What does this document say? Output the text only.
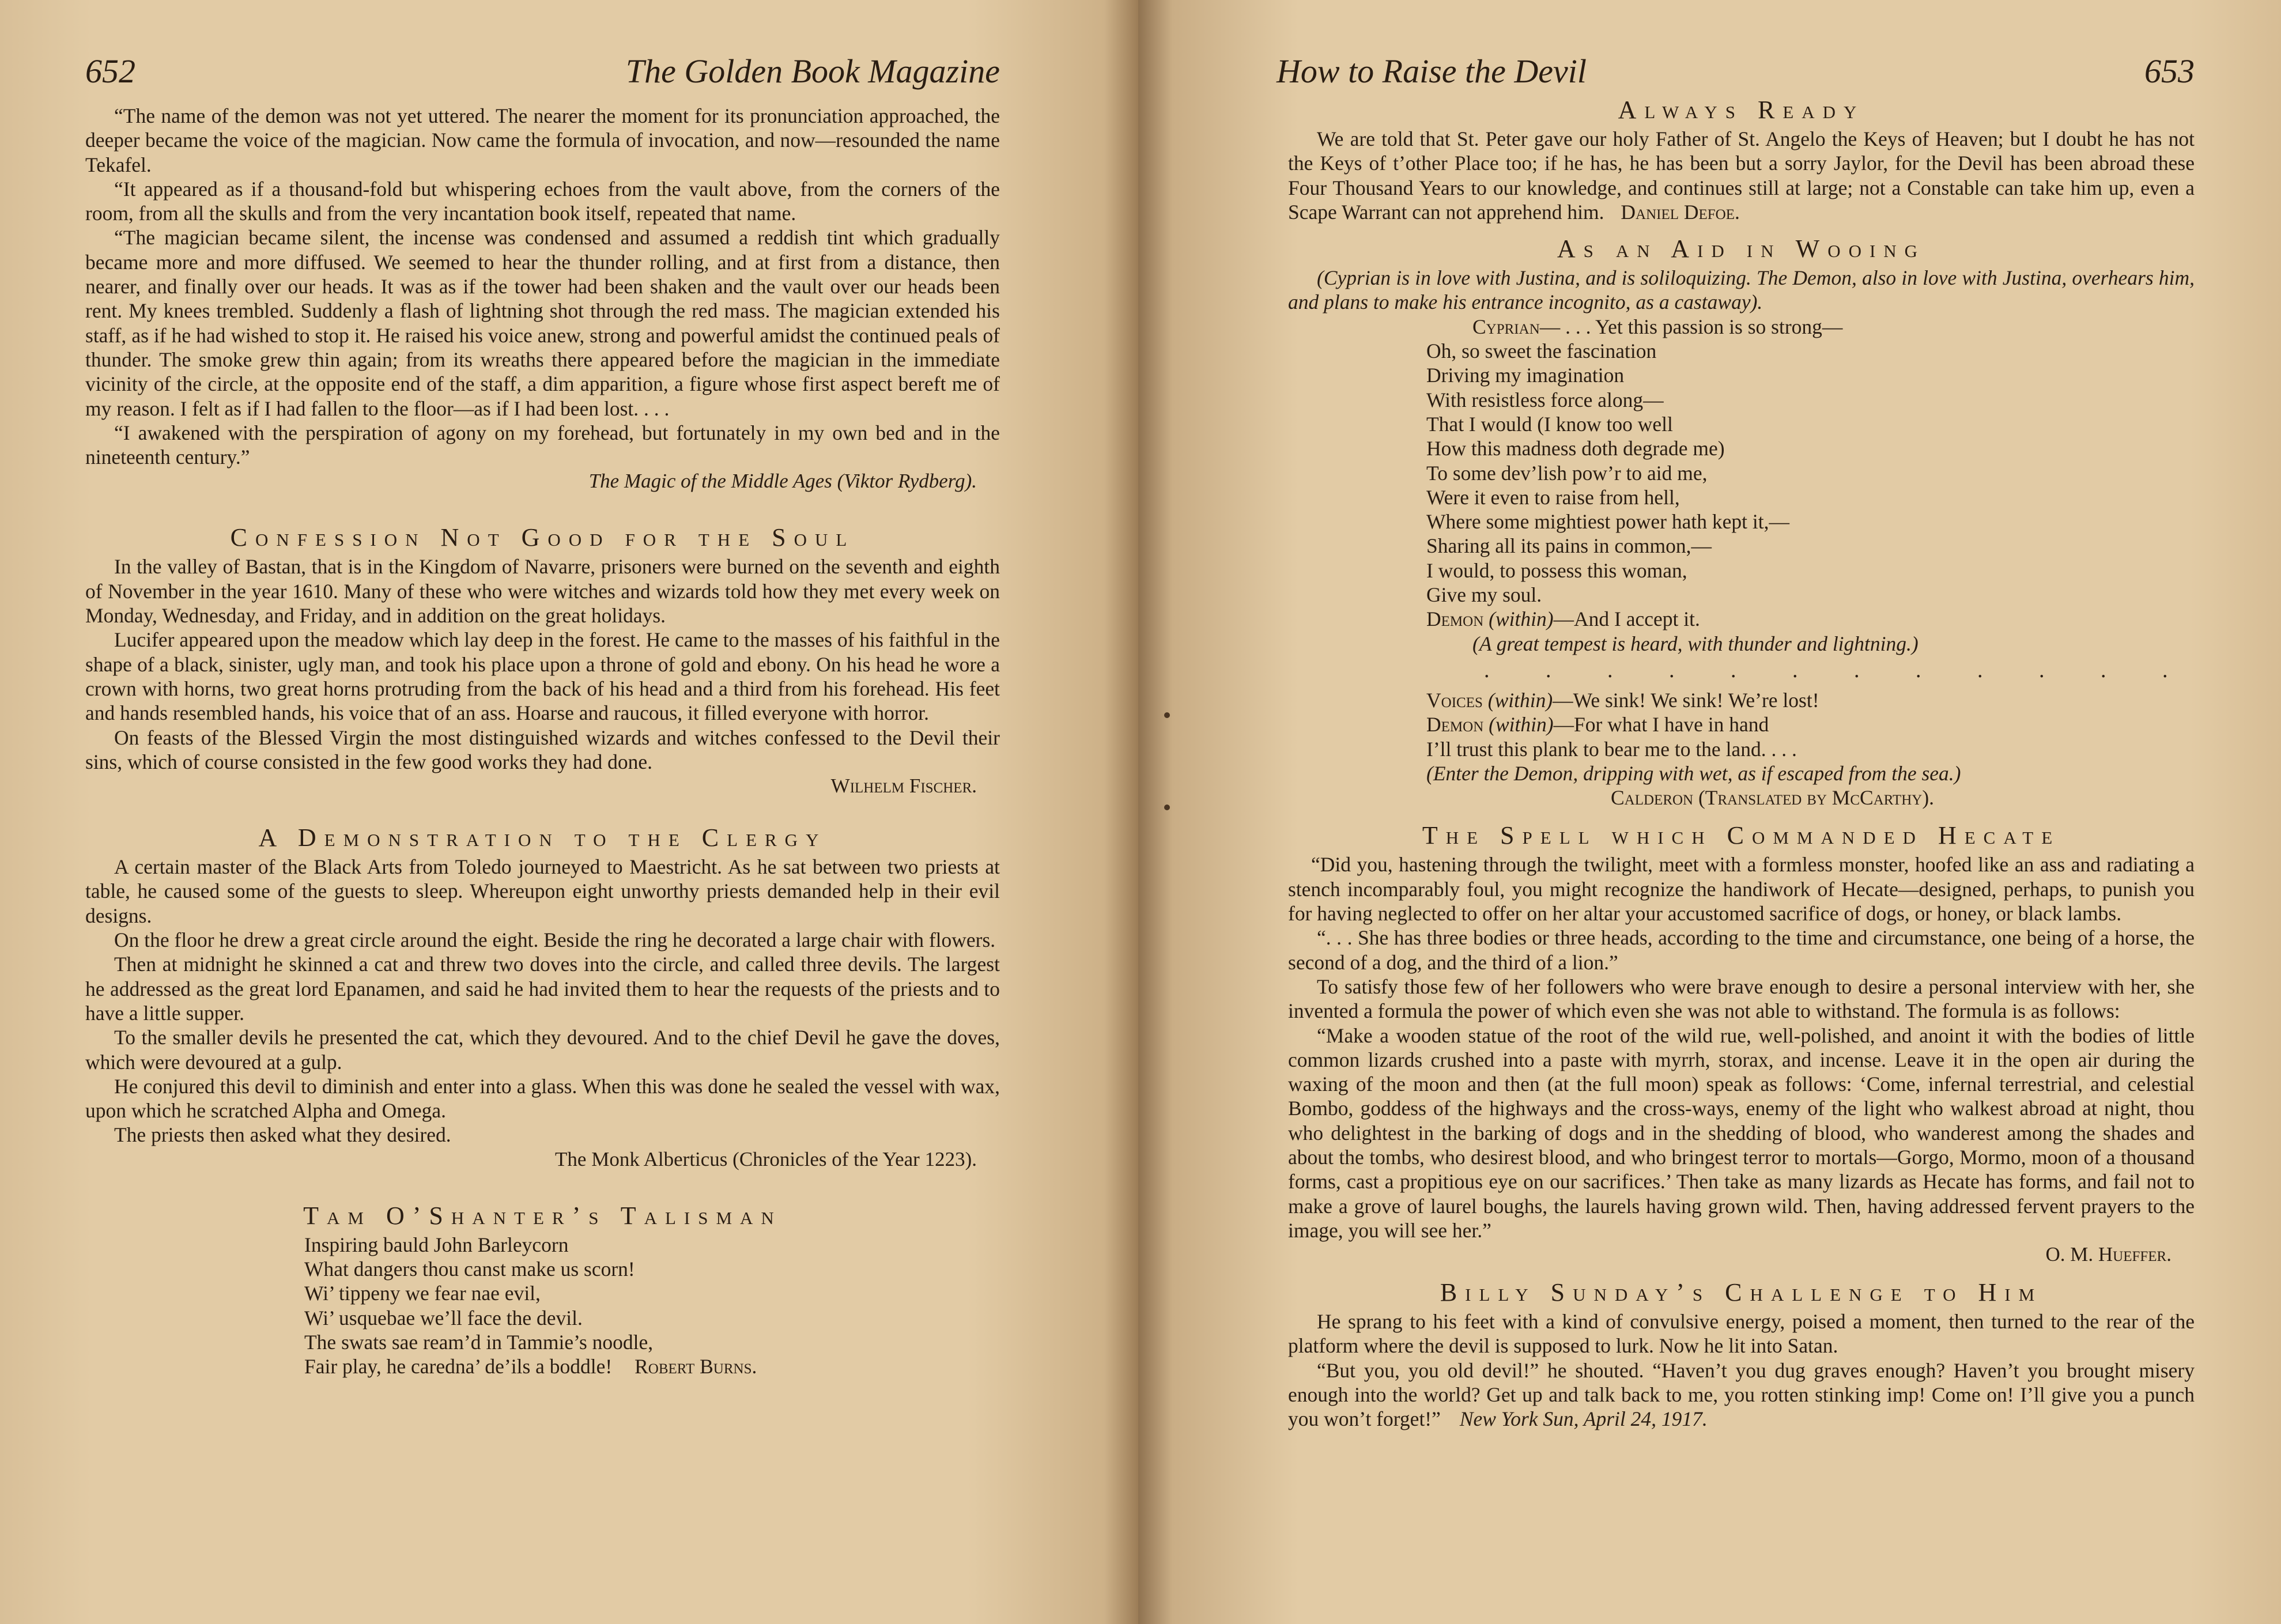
652	The Golden Book Magazine

“The name of the demon was not yet uttered. The nearer the moment for its pronunciation approached, the deeper became the voice of the magician. Now came the formula of invocation, and now—resounded the name Tekafel.

“It appeared as if a thousand-fold but whispering echoes from the vault above, from the corners of the room, from all the skulls and from the very incantation book itself, repeated that name.

“The magician became silent, the incense was condensed and assumed a reddish tint which gradually became more and more diffused. We seemed to hear the thunder rolling, and at first from a distance, then nearer, and finally over our heads. It was as if the tower had been shaken and the vault over our heads been rent. My knees trembled. Suddenly a flash of lightning shot through the red mass. The magician extended his staff, as if he had wished to stop it. He raised his voice anew, strong and powerful amidst the continued peals of thunder. The smoke grew thin again; from its wreaths there appeared before the magician in the immediate vicinity of the circle, at the opposite end of the staff, a dim apparition, a figure whose first aspect bereft me of my reason. I felt as if I had fallen to the floor—as if I had been lost. . . .

“I awakened with the perspiration of agony on my forehead, but fortunately in my own bed and in the nineteenth century.”

The Magic of the Middle Ages (Viktor Rydberg).
Confession Not Good for the Soul

In the valley of Bastan, that is in the Kingdom of Navarre, prisoners were burned on the seventh and eighth of November in the year 1610. Many of these who were witches and wizards told how they met every week on Monday, Wednesday, and Friday, and in addition on the great holidays.

Lucifer appeared upon the meadow which lay deep in the forest. He came to the masses of his faithful in the shape of a black, sinister, ugly man, and took his place upon a throne of gold and ebony. On his head he wore a crown with horns, two great horns protruding from the back of his head and a third from his forehead. His feet and hands resembled hands, his voice that of an ass. Hoarse and raucous, it filled everyone with horror.

On feasts of the Blessed Virgin the most distinguished wizards and witches confessed to the Devil their sins, which of course consisted in the few good works they had done.

Wilhelm Fischer.
A Demonstration to the Clergy

A certain master of the Black Arts from Toledo journeyed to Maestricht. As he sat between two priests at table, he caused some of the guests to sleep. Whereupon eight unworthy priests demanded help in their evil designs.

On the floor he drew a great circle around the eight. Beside the ring he decorated a large chair with flowers.

Then at midnight he skinned a cat and threw two doves into the circle, and called three devils. The largest he addressed as the great lord Epanamen, and said he had invited them to hear the requests of the priests and to have a little supper.

To the smaller devils he presented the cat, which they devoured. And to the chief Devil he gave the doves, which were devoured at a gulp.

He conjured this devil to diminish and enter into a glass. When this was done he sealed the vessel with wax, upon which he scratched Alpha and Omega.

The priests then asked what they desired.

The Monk Alberticus (Chronicles of the Year 1223).
Tam O’Shanter’s Talisman
Inspiring bauld John Barleycorn
What dangers thou canst make us scorn!
Wi’ tippeny we fear nae evil,
Wi’ usquebae we’ll face the devil.
The swats sae ream’d in Tammie’s noodle,
Fair play, he caredna’ de’ils a boddle! Robert Burns.
How to Raise the Devil	653
Always Ready

We are told that St. Peter gave our holy Father of St. Angelo the Keys of Heaven; but I doubt he has not the Keys of t’other Place too; if he has, he has been but a sorry Jaylor, for the Devil has been abroad these Four Thousand Years to our knowledge, and continues still at large; not a Constable can take him up, even a Scape Warrant can not apprehend him. Daniel Defoe.

As an Aid in Wooing

(Cyprian is in love with Justina, and is soliloquizing. The Demon, also in love with Justina, overhears him, and plans to make his entrance incognito, as a castaway).

Cyprian— . . . Yet this passion is so strong—
Oh, so sweet the fascination
Driving my imagination
With resistless force along—
That I would (I know too well
How this madness doth degrade me)
To some dev’lish pow’r to aid me,
Were it even to raise from hell,
Where some mightiest power hath kept it,—
Sharing all its pains in common,—
I would, to possess this woman,
Give my soul.
Demon (within)—And I accept it.
(A great tempest is heard, with thunder and lightning.)
. . . . . . . . . . . .
Voices (within)—We sink! We sink! We’re lost!
Demon (within)—For what I have in hand
I’ll trust this plank to bear me to the land. . . .
(Enter the Demon, dripping with wet, as if escaped from the sea.)
Calderon (Translated by McCarthy).
The Spell which Commanded Hecate

“Did you, hastening through the twilight, meet with a formless monster, hoofed like an ass and radiating a stench incomparably foul, you might recognize the handiwork of Hecate—designed, perhaps, to punish you for having neglected to offer on her altar your accustomed sacrifice of dogs, or honey, or black lambs.

“. . . She has three bodies or three heads, according to the time and circumstance, one being of a horse, the second of a dog, and the third of a lion.”

To satisfy those few of her followers who were brave enough to desire a personal interview with her, she invented a formula the power of which even she was not able to withstand. The formula is as follows:

“Make a wooden statue of the root of the wild rue, well-polished, and anoint it with the bodies of little common lizards crushed into a paste with myrrh, storax, and incense. Leave it in the open air during the waxing of the moon and then (at the full moon) speak as follows: ‘Come, infernal terrestrial, and celestial Bombo, goddess of the highways and the cross-ways, enemy of the light who walkest abroad at night, thou who delightest in the barking of dogs and in the shedding of blood, who wanderest among the shades and about the tombs, who desirest blood, and who bringest terror to mortals—Gorgo, Mormo, moon of a thousand forms, cast a propitious eye on our sacrifices.’ Then take as many lizards as Hecate has forms, and fail not to make a grove of laurel boughs, the laurels having grown wild. Then, having addressed fervent prayers to the image, you will see her.”

O. M. Hueffer.
Billy Sunday’s Challenge to Him

He sprang to his feet with a kind of convulsive energy, poised a moment, then turned to the rear of the platform where the devil is supposed to lurk. Now he lit into Satan.

“But you, you old devil!” he shouted. “Haven’t you dug graves enough? Haven’t you brought misery enough into the world? Get up and talk back to me, you rotten stinking imp! Come on! I’ll give you a punch you won’t forget!” New York Sun, April 24, 1917.
